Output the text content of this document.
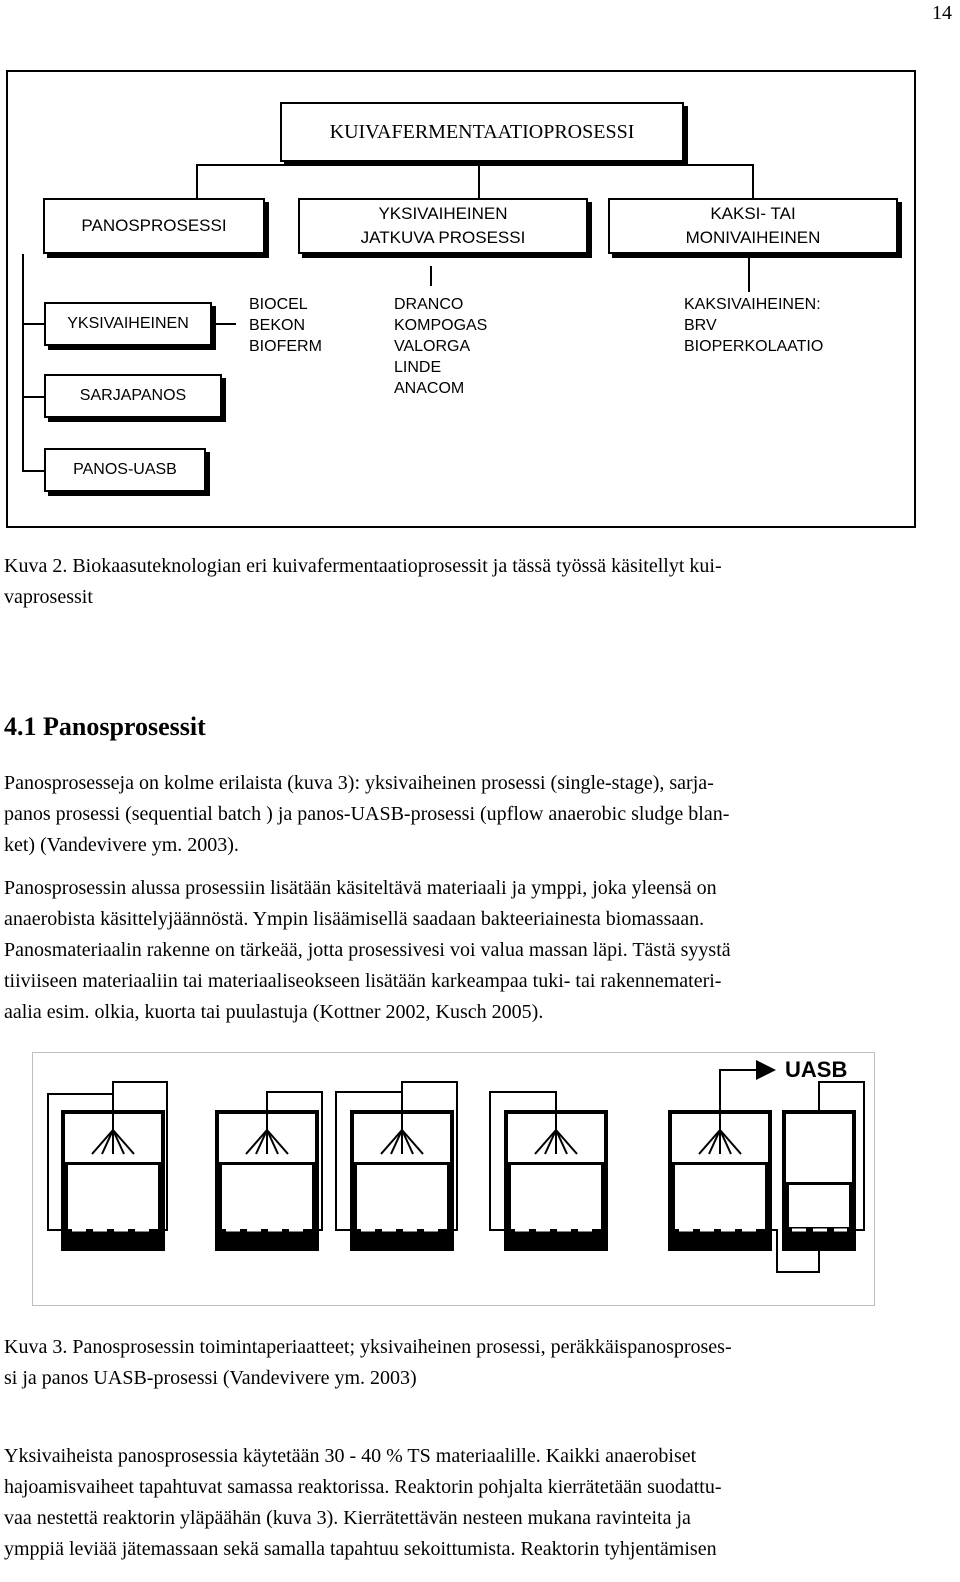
14
KUIVAFERMENTAATIOPROSESSI
PANOSPROSESSI
YKSIVAIHEINEN
JATKUVA PROSESSI
KAKSI- TAI
MONIVAIHEINEN
YKSIVAIHEINEN
SARJAPANOS
PANOS-UASB
BIOCEL
BEKON
BIOFERM
DRANCO
KOMPOGAS
VALORGA
LINDE
ANACOM
KAKSIVAIHEINEN:
BRV
BIOPERKOLAATIO
Kuva 2. Biokaasuteknologian eri kuivafermentaatioprosessit ja tässä työssä käsitellyt kui-
vaprosessit
4.1 Panosprosessit
Panosprosesseja on kolme erilaista (kuva 3): yksivaiheinen prosessi (single-stage), sarja-
panos prosessi (sequential batch ) ja panos-UASB-prosessi (upflow anaerobic sludge blan-
ket) (Vandevivere ym. 2003).
Panosprosessin alussa prosessiin lisätään käsiteltävä materiaali ja ymppi, joka yleensä on
anaerobista käsittelyjäännöstä. Ympin lisäämisellä saadaan bakteeriainesta biomassaan.
Panosmateriaalin rakenne on tärkeää, jotta prosessivesi voi valua massan läpi. Tästä syystä
tiiviiseen materiaaliin tai materiaaliseokseen lisätään karkeampaa tuki- tai rakennemateri-
aalia esim. olkia, kuorta tai puulastuja (Kottner 2002, Kusch 2005).
UASB
Kuva 3. Panosprosessin toimintaperiaatteet; yksivaiheinen prosessi, peräkkäispanosproses-
si ja panos UASB-prosessi (Vandevivere ym. 2003)
Yksivaiheista panosprosessia käytetään 30 - 40 % TS materiaalille. Kaikki anaerobiset
hajoamisvaiheet tapahtuvat samassa reaktorissa. Reaktorin pohjalta kierrätetään suodattu-
vaa nestettä reaktorin yläpäähän (kuva 3). Kierrätettävän nesteen mukana ravinteita ja
ymppiä leviää jätemassaan sekä samalla tapahtuu sekoittumista. Reaktorin tyhjentämisen
